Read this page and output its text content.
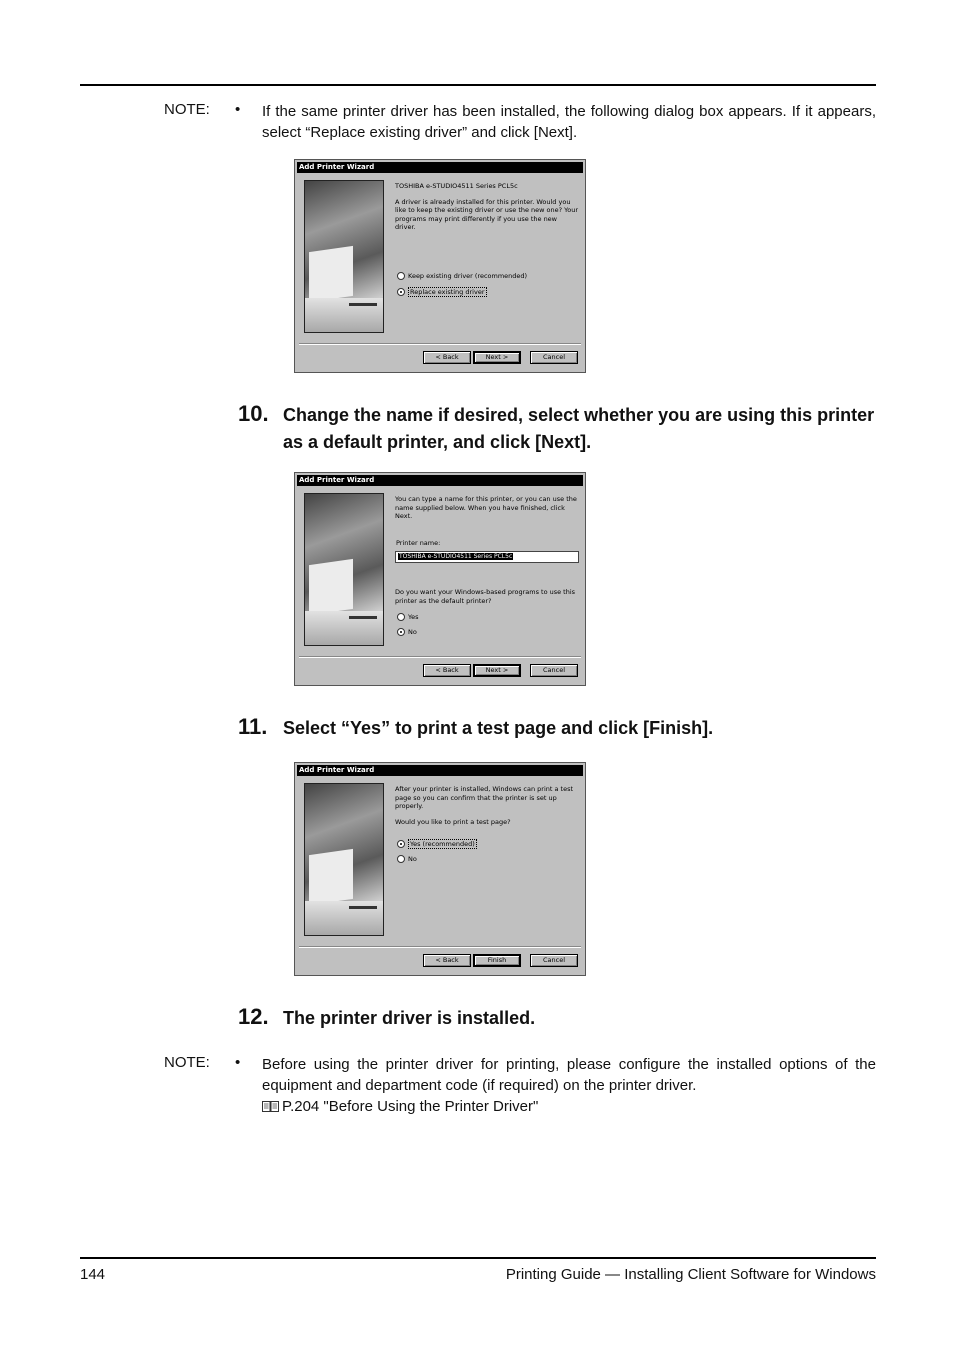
NOTE: • If the same printer driver has been installed, the following dialog box appears. If it appears, select “Replace existing driver” and click [Next].
Add Printer Wizard

TOSHIBA e-STUDIO4511 Series PCL5c

A driver is already installed for this printer. Would you like to keep the existing driver or use the new one? Your programs may print differently if you use the new driver.

Keep existing driver (recommended)
Replace existing driver
< Back	Next >	Cancel
10. Change the name if desired, select whether you are using this printer as a default printer, and click [Next].
Add Printer Wizard

You can type a name for this printer, or you can use the name supplied below. When you have finished, click Next.

Printer name:
TOSHIBA e-STUDIO4511 Series PCL5c

Do you want your Windows-based programs to use this printer as the default printer?

Yes
No
< Back	Next >	Cancel
11. Select “Yes” to print a test page and click [Finish].
Add Printer Wizard

After your printer is installed, Windows can print a test page so you can confirm that the printer is set up properly.

Would you like to print a test page?

Yes (recommended)
No
< Back	Finish	Cancel
12. The printer driver is installed.
NOTE: • Before using the printer driver for printing, please configure the installed options of the equipment and department code (if required) on the printer driver.
P.204 "Before Using the Printer Driver"
144	Printing Guide — Installing Client Software for Windows
